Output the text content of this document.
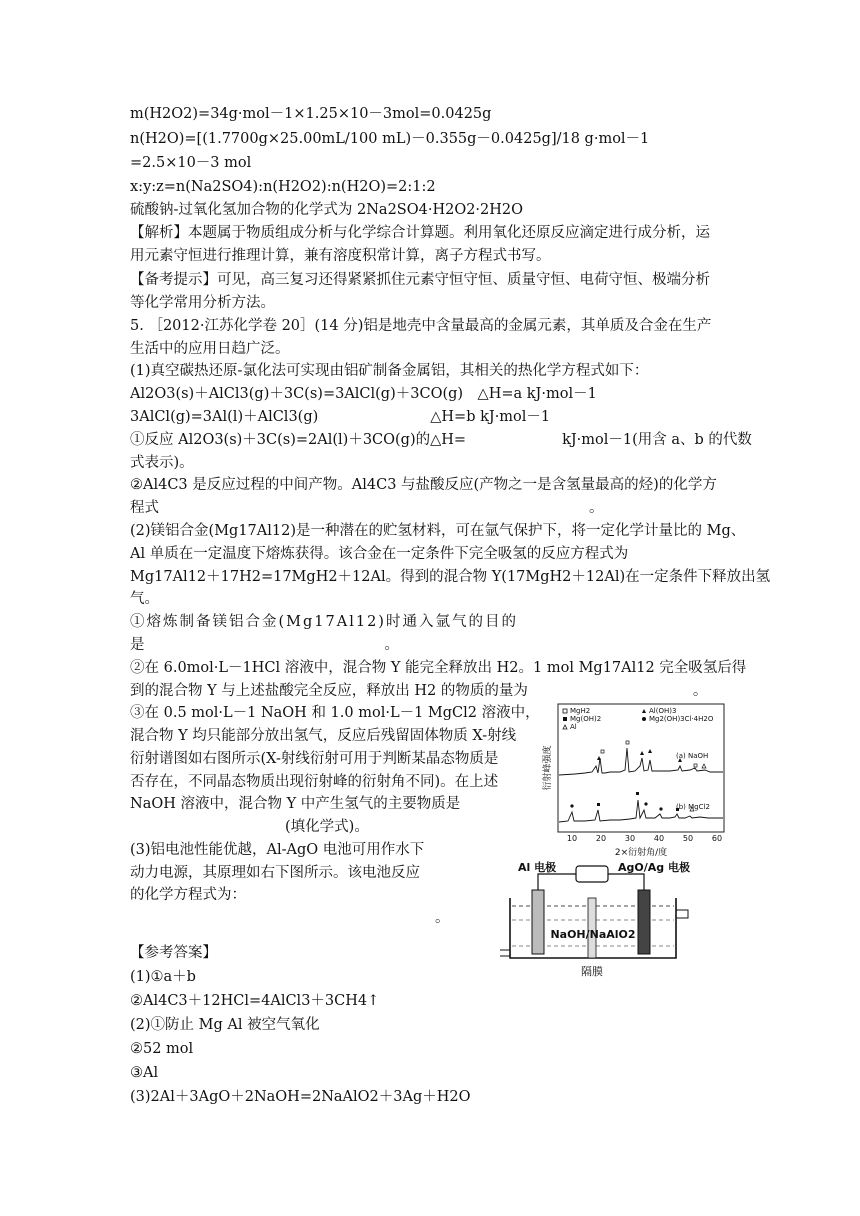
m(H2O2)=34g·mol－1×1.25×10－3mol=0.0425g
n(H2O)=[(1.7700g×25.00mL/100 mL)－0.355g－0.0425g]/18 g·mol－1
=2.5×10－3 mol
x:y:z=n(Na2SO4):n(H2O2):n(H2O)=2:1:2
硫酸钠-过氧化氢加合物的化学式为 2Na2SO4·H2O2·2H2O
【解析】本题属于物质组成分析与化学综合计算题。利用氧化还原反应滴定进行成分析，运
用元素守恒进行推理计算，兼有溶度积常计算，离子方程式书写。
【备考提示】可见，高三复习还得紧紧抓住元素守恒守恒、质量守恒、电荷守恒、极端分析
等化学常用分析方法。
5. ［2012·江苏化学卷 20］(14 分)铝是地壳中含量最高的金属元素，其单质及合金在生产
生活中的应用日趋广泛。
(1)真空碳热还原-氯化法可实现由铝矿制备金属铝，其相关的热化学方程式如下：
Al2O3(s)＋AlCl3(g)＋3C(s)=3AlCl(g)＋3CO(g)　△H=a kJ·mol－1
3AlCl(g)=3Al(l)＋AlCl3(g)	△H=b kJ·mol－1
①反应 Al2O3(s)＋3C(s)=2Al(l)＋3CO(g)的△H=	kJ·mol－1(用含 a、b 的代数
式表示)。
②Al4C3 是反应过程的中间产物。Al4C3 与盐酸反应(产物之一是含氢量最高的烃)的化学方
程式	。
(2)镁铝合金(Mg17Al12)是一种潜在的贮氢材料，可在氩气保护下，将一定化学计量比的 Mg、
Al 单质在一定温度下熔炼获得。该合金在一定条件下完全吸氢的反应方程式为
Mg17Al12＋17H2=17MgH2＋12Al。得到的混合物 Y(17MgH2＋12Al)在一定条件下释放出氢
气。
①熔炼制备镁铝合金(Mg17Al12)时通入氩气的目的
是	。
②在 6.0mol·L－1HCl 溶液中，混合物 Y 能完全释放出 H2。1 mol Mg17Al12 完全吸氢后得
到的混合物 Y 与上述盐酸完全反应，释放出 H2 的物质的量为	。
③在 0.5 mol·L－1 NaOH 和 1.0 mol·L－1 MgCl2 溶液中，
混合物 Y 均只能部分放出氢气，反应后残留固体物质 X-射线
衍射谱图如右图所示(X-射线衍射可用于判断某晶态物质是
否存在，不同晶态物质出现衍射峰的衍射角不同)。在上述
NaOH 溶液中，混合物 Y 中产生氢气的主要物质是
(填化学式)。
(3)铝电池性能优越，Al-AgO 电池可用作水下
动力电源，其原理如右下图所示。该电池反应
的化学方程式为：
。
【参考答案】
(1)①a＋b
②Al4C3＋12HCl=4AlCl3＋3CH4↑
(2)①防止 Mg Al 被空气氧化
②52 mol
③Al
(3)2Al＋3AgO＋2NaOH=2NaAlO2＋3Ag＋H2O
MgH2	Al(OH)3
Mg(OH)2	Mg2(OH)3Cl·4H2O
Al
(a) NaOH
(b) MgCl2
衍射峰强度
10 20 30 40 50 60
2×衍射角/度
Al 电极	AgO/Ag 电极
NaOH/NaAlO2
隔膜
